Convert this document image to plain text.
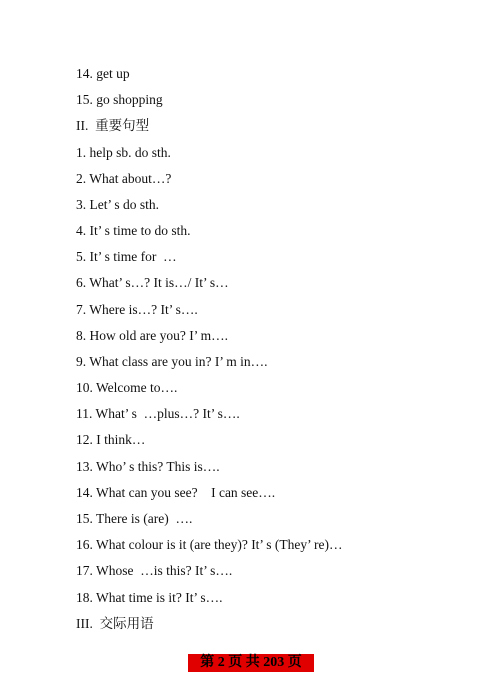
14. get up
15. go shopping
II.  重要句型
1. help sb. do sth.
2. What about…?
3. Let’ s do sth.
4. It’ s time to do sth.
5. It’ s time for  …
6. What’ s…? It is…/ It’ s…
7. Where is…? It’ s….
8. How old are you? I’ m….
9. What class are you in? I’ m in….
10. Welcome to….
11. What’ s  …plus…? It’ s….
12. I think…
13. Who’ s this? This is….
14. What can you see?    I can see….
15. There is (are)  ….
16. What colour is it (are they)? It’ s (They’ re)…
17. Whose  …is this? It’ s….
18. What time is it? It’ s….
III.  交际用语
第 2 页 共 203 页
